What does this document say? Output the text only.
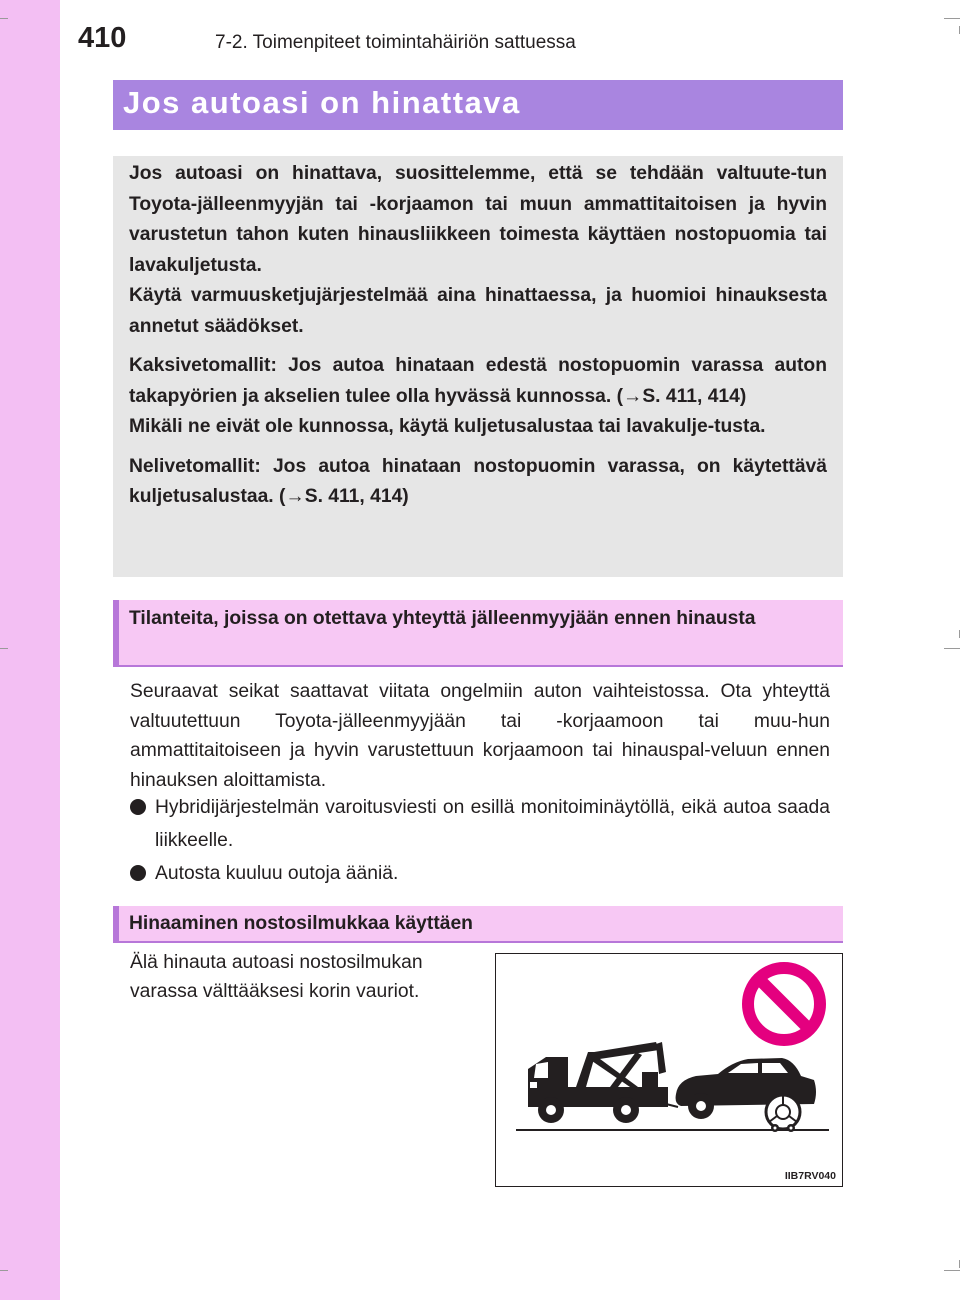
410	7-2. Toimenpiteet toimintahäiriön sattuessa
Jos autoasi on hinattava

Jos autoasi on hinattava, suosittelemme, että se tehdään valtuute-tun Toyota-jälleenmyyjän tai -korjaamon tai muun ammattitaitoisen ja hyvin varustetun tahon kuten hinausliikkeen toimesta käyttäen nostopuomia tai lavakuljetusta.

Käytä varmuusketjujärjestelmää aina hinattaessa, ja huomioi hinauksesta annetut säädökset.

Kaksivetomallit: Jos autoa hinataan edestä nostopuomin varassa auton takapyörien ja akselien tulee olla hyvässä kunnossa. (→S. 411, 414)

Mikäli ne eivät ole kunnossa, käytä kuljetusalustaa tai lavakulje-tusta.

Nelivetomallit: Jos autoa hinataan nostopuomin varassa, on käytettävä kuljetusalustaa. (→S. 411, 414)

Tilanteita, joissa on otettava yhteyttä jälleenmyyjään ennen hinausta
Seuraavat seikat saattavat viitata ongelmiin auton vaihteistossa. Ota yhteyttä valtuutettuun Toyota-jälleenmyyjään tai -korjaamoon tai muu-hun ammattitaitoiseen ja hyvin varustettuun korjaamoon tai hinauspal-veluun ennen hinauksen aloittamista.
Hybridijärjestelmän varoitusviesti on esillä monitoiminäytöllä, eikä autoa saada liikkeelle.
Autosta kuuluu outoja ääniä.
Hinaaminen nostosilmukkaa käyttäen
Älä hinauta autoasi nostosilmukan varassa välttääksesi korin vauriot.
IIB7RV040
